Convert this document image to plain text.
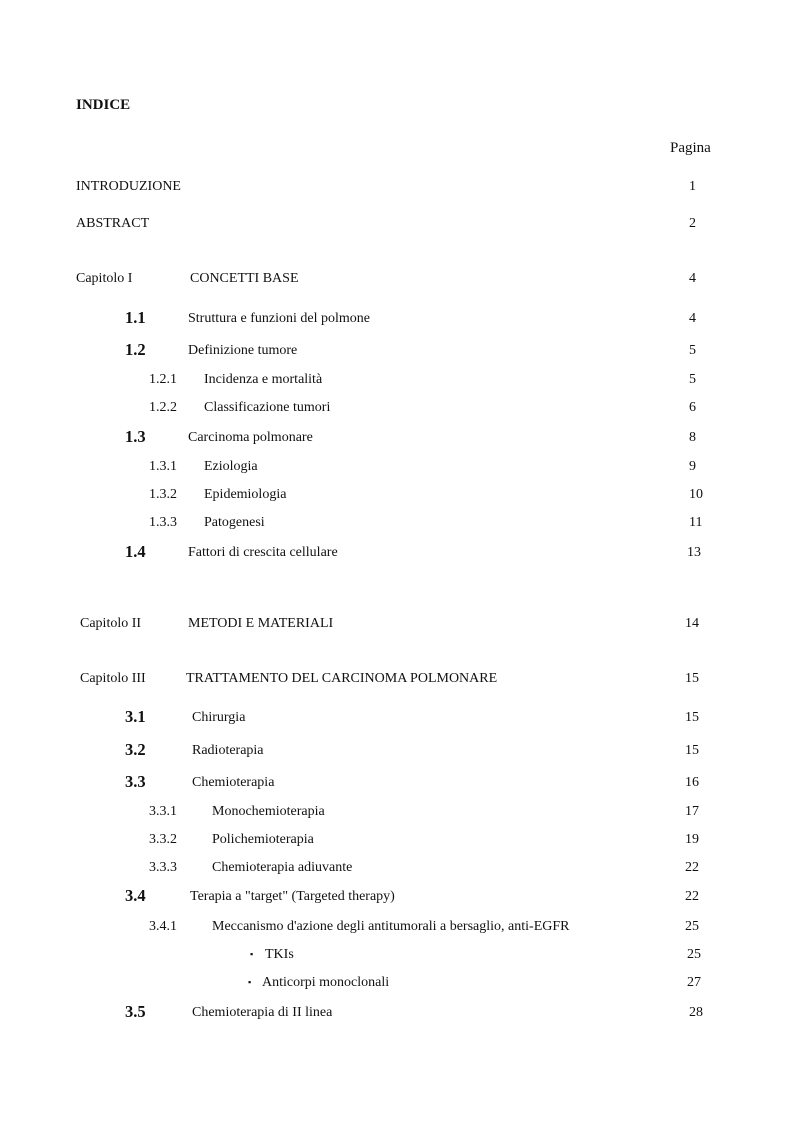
INDICE
Pagina
INTRODUZIONE	1
ABSTRACT	2
Capitolo I	CONCETTI BASE	4
1.1	Struttura e funzioni del polmone	4
1.2	Definizione tumore	5
1.2.1 Incidenza e mortalità	5
1.2.2 Classificazione tumori	6
1.3	Carcinoma polmonare	8
1.3.1 Eziologia	9
1.3.2 Epidemiologia	10
1.3.3 Patogenesi	11
1.4	Fattori di crescita cellulare	13
Capitolo II	METODI E MATERIALI	14
Capitolo III	TRATTAMENTO DEL CARCINOMA POLMONARE	15
3.1	Chirurgia	15
3.2	Radioterapia	15
3.3	Chemioterapia	16
3.3.1	Monochemioterapia	17
3.3.2	Polichemioterapia	19
3.3.3	Chemioterapia adiuvante	22
3.4	Terapia a "target" (Targeted therapy)	22
3.4.1	Meccanismo d'azione degli antitumorali a bersaglio, anti-EGFR	25
▪ TKIs	25
▪ Anticorpi monoclonali	27
3.5	Chemioterapia di II linea	28
